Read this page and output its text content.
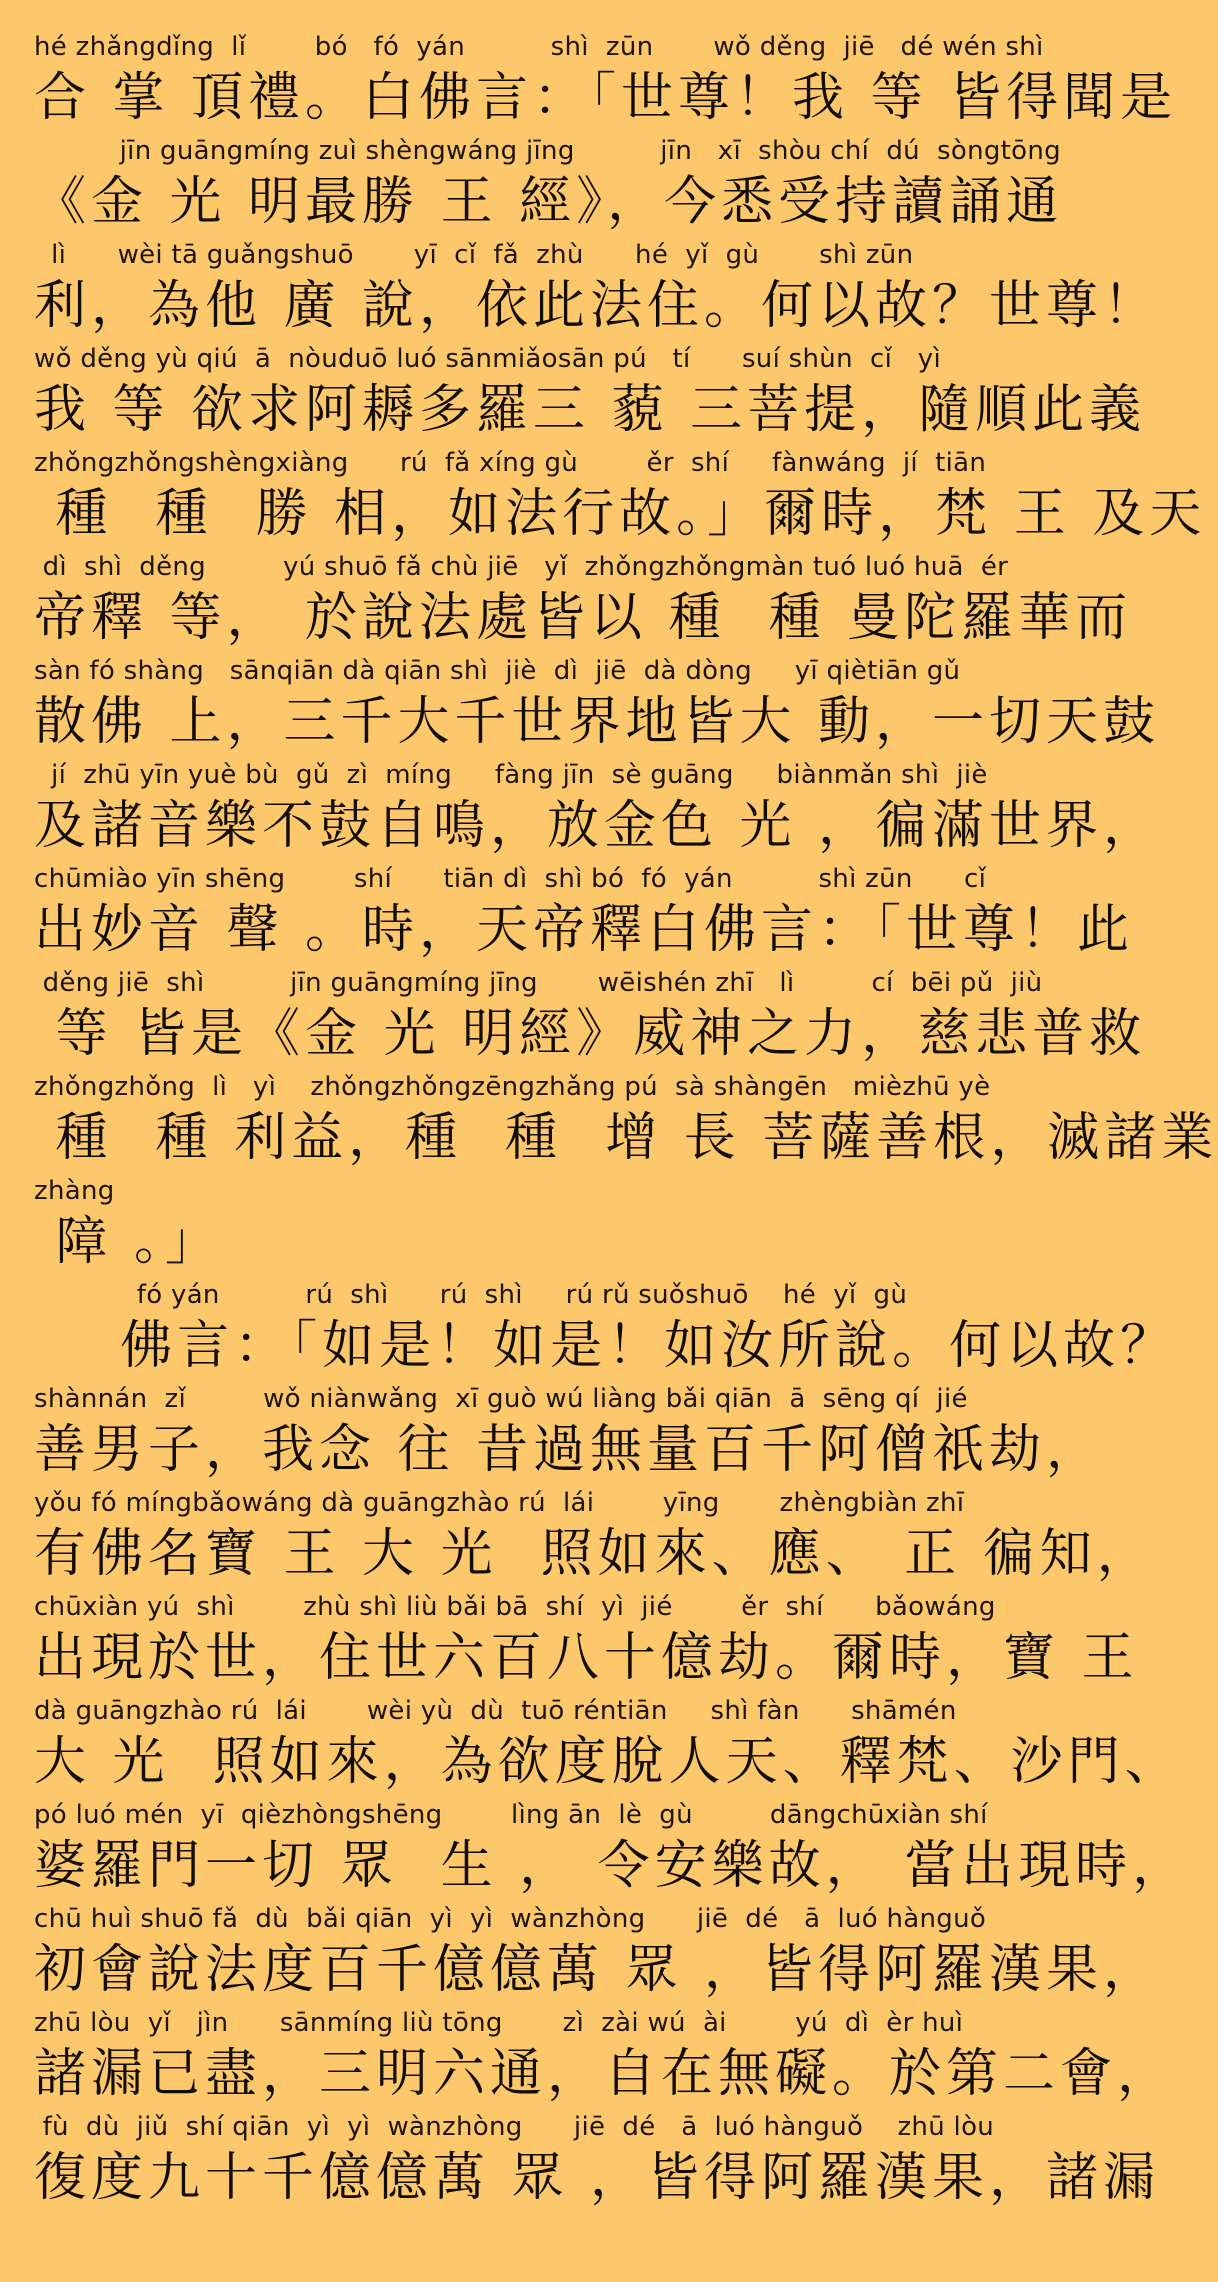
hé zhǎngdǐng  lǐ        bó   fó  yán          shì  zūn       wǒ děng  jiē   dé wén shì
合 掌 頂禮。白佛言：「世尊！我 等 皆得聞是
jīn guāngmíng zuì shèngwáng jīng          jīn   xī  shòu chí  dú  sòngtōng
《金 光 明最勝 王 經》，今悉受持讀誦通
lì      wèi tā guǎngshuō       yī  cǐ  fǎ  zhù      hé  yǐ  gù       shì zūn
利，為他 廣 說，依此法住。何以故？世尊！
wǒ děng yù qiú  ā  nòuduō luó sānmiǎosān pú   tí      suí shùn  cǐ   yì
我 等 欲求阿耨多羅三 藐 三菩提，隨順此義
zhǒngzhǒngshèngxiàng      rú  fǎ xíng gù        ěr  shí     fànwáng  jí  tiān
種  種  勝 相，如法行故。」爾時，梵 王 及天
dì  shì  děng         yú shuō fǎ chù jiē   yǐ  zhǒngzhǒngmàn tuó luó huā  ér
帝釋 等， 於說法處皆以 種  種 曼陀羅華而
sàn fó shàng   sānqiān dà qiān shì  jiè  dì  jiē  dà dòng     yī qiètiān gǔ
散佛 上，三千大千世界地皆大 動，一切天鼓
jí  zhū yīn yuè bù  gǔ  zì  míng     fàng jīn  sè guāng     biànmǎn shì  jiè
及諸音樂不鼓自鳴，放金色 光 ，徧滿世界，
chūmiào yīn shēng        shí      tiān dì  shì bó  fó  yán          shì zūn      cǐ
出妙音 聲 。時，天帝釋白佛言：「世尊！此
děng jiē  shì          jīn guāngmíng jīng       wēishén zhī   lì         cí  bēi pǔ  jiù
等 皆是《金 光 明經》威神之力，慈悲普救
zhǒngzhǒng  lì   yì    zhǒngzhǒngzēngzhǎng pú  sà shàngēn   mièzhū yè
種  種 利益，種  種  增 長 菩薩善根，滅諸業
zhàng
障 。」
fó yán          rú  shì      rú  shì     rú rǔ suǒshuō    hé  yǐ  gù
佛言：「如是！如是！如汝所說。何以故？
shànnán  zǐ         wǒ niànwǎng  xī guò wú liàng bǎi qiān  ā  sēng qí  jié
善男子，我念 往 昔過無量百千阿僧祇劫，
yǒu fó míngbǎowáng dà guāngzhào rú  lái        yīng       zhèngbiàn zhī
有佛名寶 王 大 光  照如來、應、 正 徧知，
chūxiàn yú  shì        zhù shì liù bǎi bā  shí  yì  jié        ěr  shí      bǎowáng
出現於世，住世六百八十億劫。爾時，寶 王
dà guāngzhào rú  lái       wèi yù  dù  tuō réntiān     shì fàn      shāmén
大 光  照如來，為欲度脫人天、釋梵、沙門、
pó luó mén  yī  qièzhòngshēng        lìng ān  lè  gù         dāngchūxiàn shí
婆羅門一切 眾  生 ， 令安樂故， 當出現時，
chū huì shuō fǎ  dù  bǎi qiān  yì  yì  wànzhòng      jiē  dé   ā  luó hànguǒ
初會說法度百千億億萬 眾 ，皆得阿羅漢果，
zhū lòu  yǐ   jìn      sānmíng liù tōng       zì  zài wú  ài        yú  dì  èr huì
諸漏已盡，三明六通，自在無礙。於第二會，
fù  dù  jiǔ  shí qiān  yì  yì  wànzhòng      jiē  dé   ā  luó hànguǒ    zhū lòu
復度九十千億億萬 眾 ，皆得阿羅漢果，諸漏
